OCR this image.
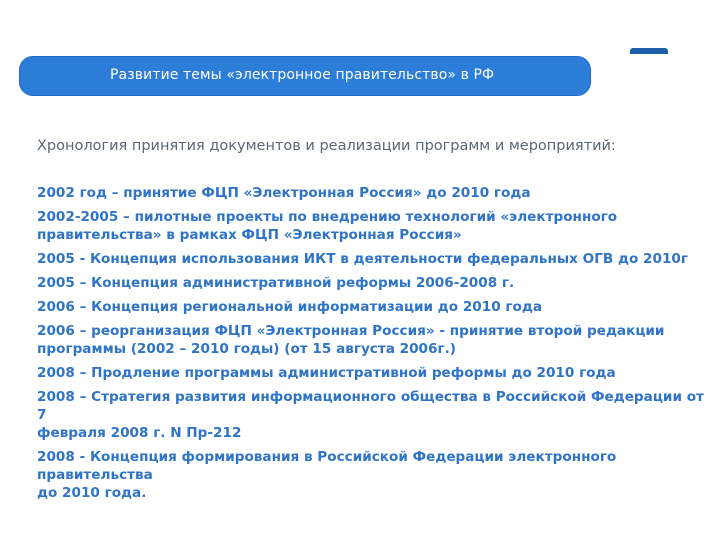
Развитие темы «электронное правительство» в РФ
Хронология принятия документов и реализации программ и мероприятий:
2002 год – принятие ФЦП «Электронная Россия» до 2010 года
2002-2005 – пилотные проекты по внедрению технологий «электронного
правительства» в рамках ФЦП «Электронная Россия»
2005 - Концепция использования ИКТ в деятельности федеральных ОГВ до 2010г
2005 – Концепция административной реформы 2006-2008 г.
2006 – Концепция региональной информатизации до 2010 года
2006 – реорганизация ФЦП «Электронная Россия» - принятие второй редакции
программы (2002 – 2010 годы) (от 15 августа 2006г.)
2008 – Продление программы административной реформы до 2010 года
2008 – Стратегия развития информационного общества в Российской Федерации от 7
февраля 2008 г. N Пр-212
2008 - Концепция формирования в Российской Федерации электронного правительства
до 2010 года.
